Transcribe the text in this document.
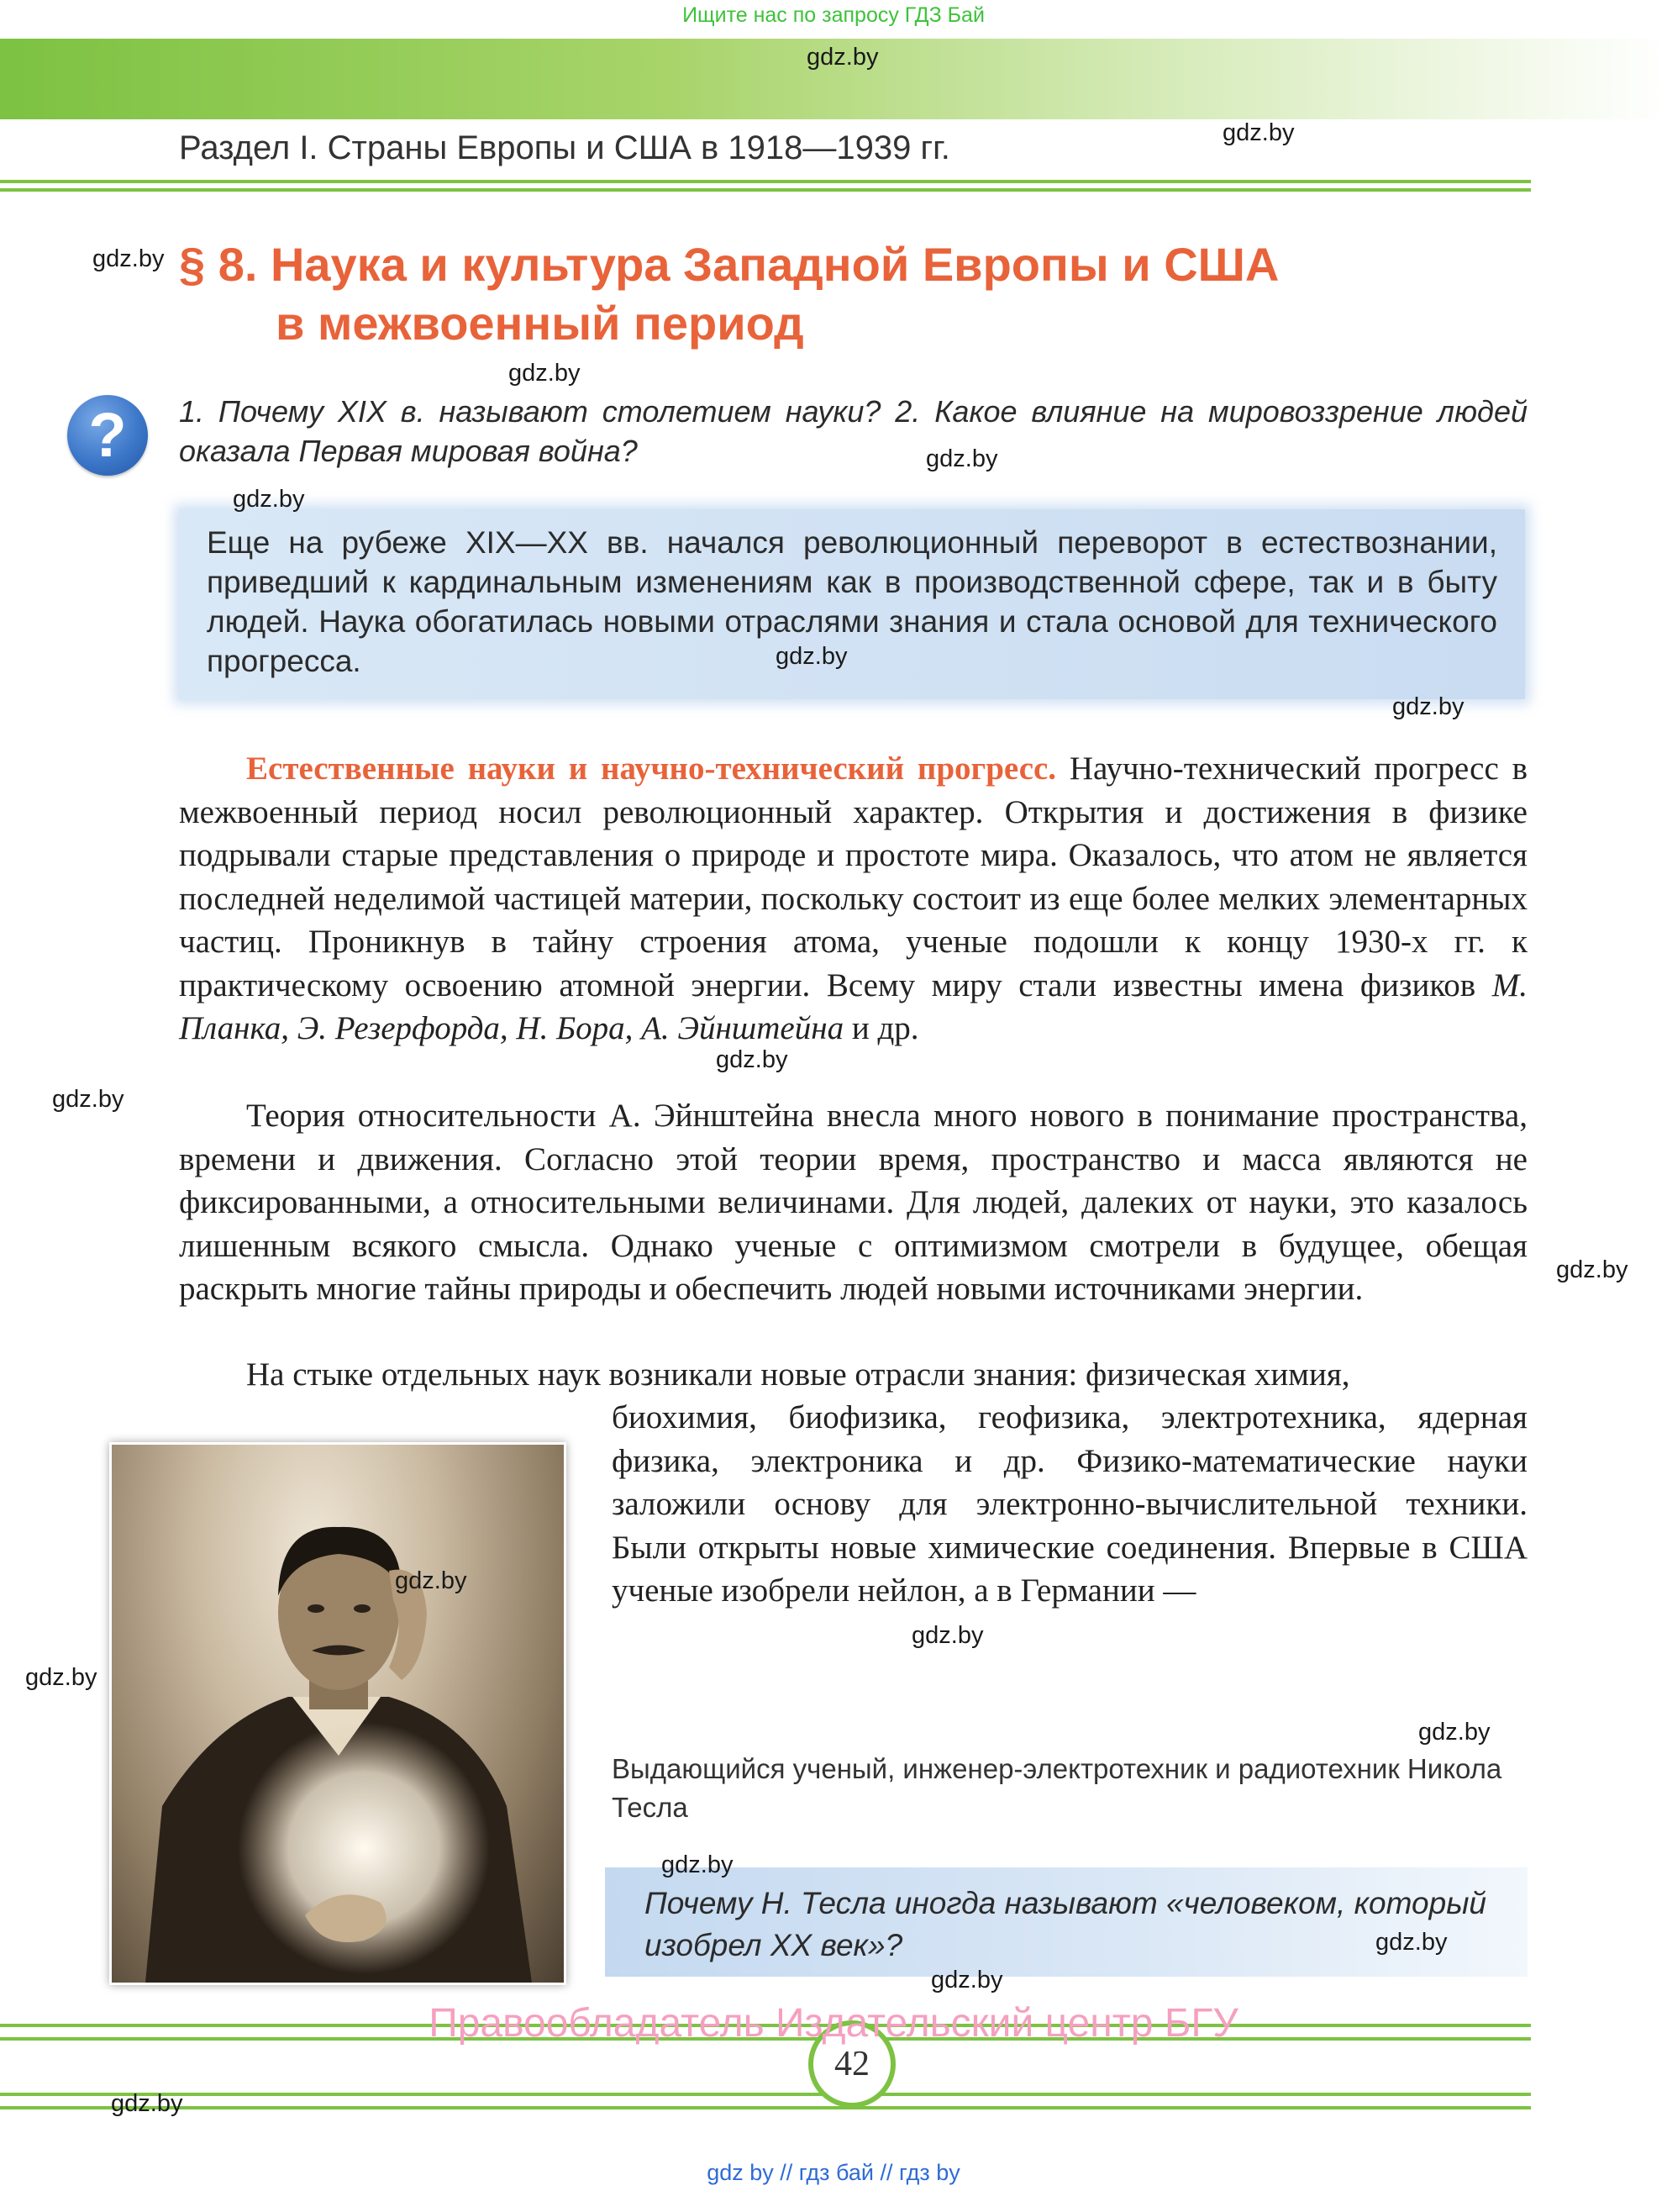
Ищите нас по запросу ГДЗ Бай
Раздел I. Страны Европы и США в 1918—1939 гг.
§ 8. Наука и культура Западной Европы и США
в межвоенный период
?	1. Почему XIX в. называют столетием науки? 2. Какое влияние на мировоззрение людей оказала Первая мировая война?
Еще на рубеже XIX—XX вв. начался революционный переворот в естествознании, приведший к кардинальным изменениям как в производственной сфере, так и в быту людей. Наука обогатилась новыми отраслями знания и стала основой для технического прогресса.

Естественные науки и научно-технический прогресс. Научно-технический прогресс в межвоенный период носил революционный характер. Открытия и достижения в физике подрывали старые представления о природе и простоте мира. Оказалось, что атом не является последней неделимой частицей материи, поскольку состоит из еще более мелких элементарных частиц. Проникнув в тайну строения атома, ученые подошли к концу 1930-х гг. к практическому освоению атомной энергии. Всему миру стали известны имена физиков М. Планка, Э. Резерфорда, Н. Бора, А. Эйнштейна и др.

Теория относительности А. Эйнштейна внесла много нового в понимание пространства, времени и движения. Согласно этой теории время, пространство и масса являются не фиксированными, а относительными величинами. Для людей, далеких от науки, это казалось лишенным всякого смысла. Однако ученые с оптимизмом смотрели в будущее, обещая раскрыть многие тайны природы и обеспечить людей новыми источниками энергии.

На стыке отдельных наук возникали новые отрасли знания: физическая химия,

биохимия, биофизика, геофизика, электротехника, ядерная физика, электроника и др. Физико-математические науки заложили основу для электронно-вычислительной техники. Были открыты новые химические соединения. Впервые в США ученые изобрели нейлон, а в Германии —

Выдающийся ученый, инженер-электротехник и радиотехник Никола Тесла
Почему Н. Тесла иногда называют «человеком, который изобрел XX век»?
42
Правообладатель Издательский центр БГУ
gdz by // гдз бай // гдз by
gdz.by
gdz.by
gdz.by
gdz.by
gdz.by
gdz.by
gdz.by
gdz.by
gdz.by
gdz.by
gdz.by
gdz.by
gdz.by
gdz.by
gdz.by
gdz.by
gdz.by
gdz.by
gdz.by
